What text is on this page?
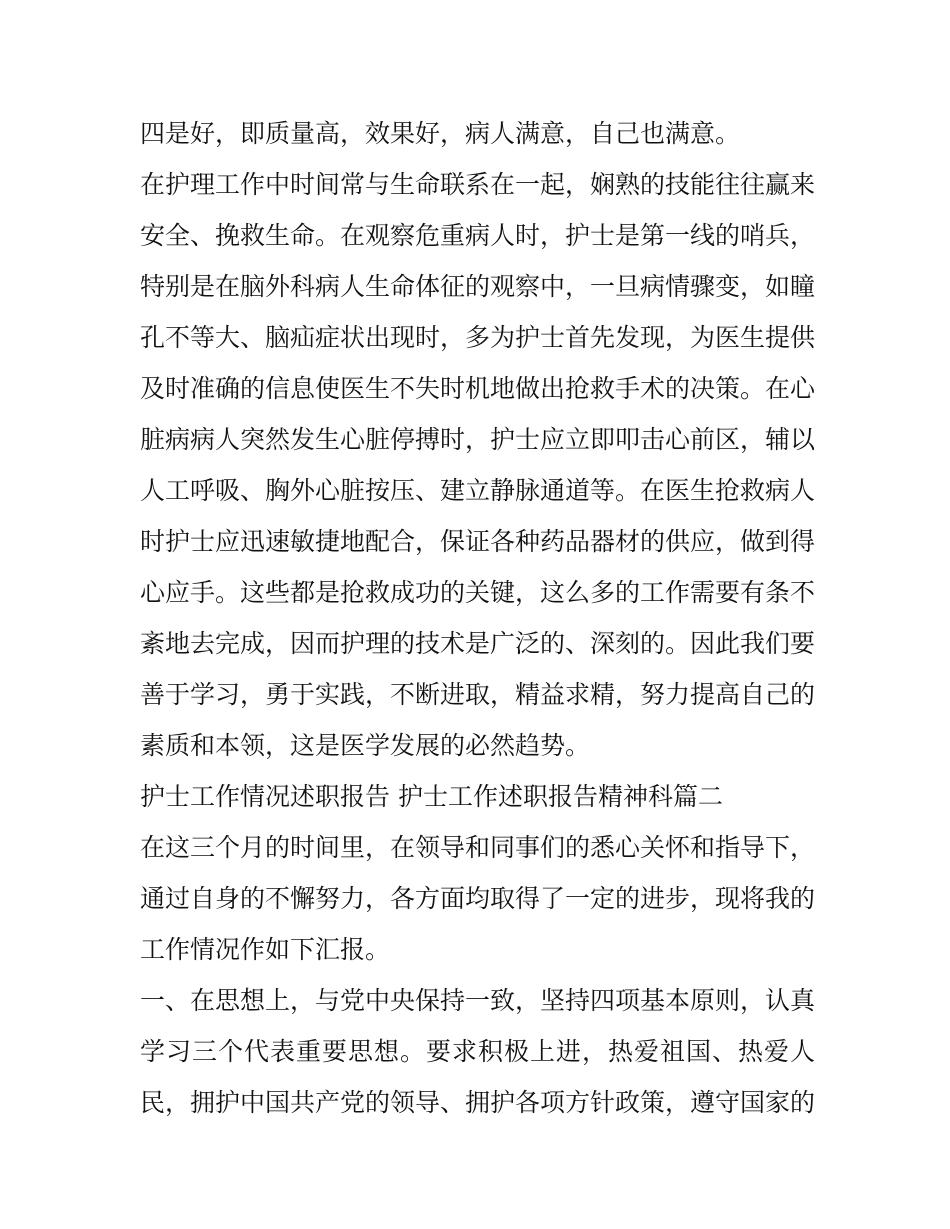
四是好，即质量高，效果好，病人满意，自己也满意。

在护理工作中时间常与生命联系在一起，娴熟的技能往往赢来安全、挽救生命。在观察危重病人时，护士是第一线的哨兵，特别是在脑外科病人生命体征的观察中，一旦病情骤变，如瞳孔不等大、脑疝症状出现时，多为护士首先发现，为医生提供及时准确的信息使医生不失时机地做出抢救手术的决策。在心脏病病人突然发生心脏停搏时，护士应立即叩击心前区，辅以人工呼吸、胸外心脏按压、建立静脉通道等。在医生抢救病人时护士应迅速敏捷地配合，保证各种药品器材的供应，做到得心应手。这些都是抢救成功的关键，这么多的工作需要有条不紊地去完成，因而护理的技术是广泛的、深刻的。因此我们要善于学习，勇于实践，不断进取，精益求精，努力提高自己的素质和本领，这是医学发展的必然趋势。

护士工作情况述职报告 护士工作述职报告精神科篇二

在这三个月的时间里，在领导和同事们的悉心关怀和指导下，通过自身的不懈努力，各方面均取得了一定的进步，现将我的工作情况作如下汇报。

一、在思想上，与党中央保持一致，坚持四项基本原则，认真学习三个代表重要思想。要求积极上进，热爱祖国、热爱人民，拥护中国共产党的领导、拥护各项方针政策，遵守国家的
